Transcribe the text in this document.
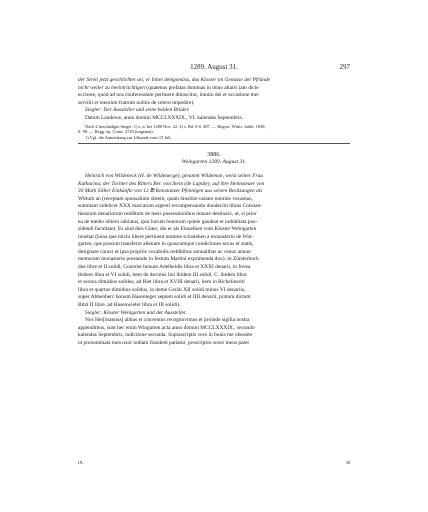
1289. August 31.	297

der Streit jetzt geschlichtet sei; er bittet demgemäss, das Kloster im Genusse der Pfründe

nicht weiter zu beeinträchtigen (quatenus prefatas dominas in dono altaris iam dicte

ecclesie, quod ad nos conferendum pertinere dinoscitur, intuitu dei et occasione mei

servitii et meorum fratrum nolitis de cetero impedire).

Siegler: Der Aussteller und seine beiden Brüder.

Datum Landowe, anno domini MCCLXXXIX., VI. kalendas Septembris.

Nach 2 beschädigte Siegel: 1) s. n. bei 1280 Nov. 22. 2) s. Bd. 8 S. 407. — Regest: Württ. Jahrb. 1838,

S. 98. — Regg. ep. Const. 2729 (ungenau).

1) Vgl. die Anmerkung zur Urkunde vom 15 Juli.

3886.
Weingarten 1289. August 31.

Heinrich von Wildeneck (H. de Wildenecge), genannt Wildeman, weist seiner Frau

Katharina, der Tochter des Ritters Ber. von Stein (de Lapide), auf ihre Heimsteuer von

30 Mark Silber Einkünfte von 12 ℔ Konstanzer Pfennigen aus seinen Besitzungen als

Wittum an (receptam sponsalium dotem, quam hinstüre usitato nomine vocamus,

summam videlicet XXX marcarum argenti recompensando duodecim libras Constan-

tiensium denariorum redditum de meis possessionibus donare destinavi, ut, si prior

ea de medio obiero sublatus, ipsa horum bonorum quiete gaudeat et indubitata pos-

sidendi facultate). Es sind dies Güter, die er als Einzelhen vom Kloster Weingarten

innehat (bona que michi libere pertinent nomine scinslehen a monasterio de Win-

garten, que possum transferre alienare in quascumque condiciones sexus et statis,

designare curavi et ipsa propriis vocabulis redditibus annualibus ac cenus annuo

memorato monasterio prestando in festum Martini exprimenda dux): in Zünderbach

due libre et II solidi, Gozeriet bonum Adelheidis libra et XXXI denarii, in fovea

ibidem libra et VI solidi, item de decimis lini ibidem III solidi, C. ibidem libra

et sextus dimidius solidus, ad Riet libra et XVIII denarii, item in Richelinsriti

libra et quartus dimidius solidus, in deme Geräti XII solidi minus VI denariis,

super Abbenberc bonum Hasenleger septem solidi et IIII denarii, pratum dictum

Bitzi II libre, ad Hasenwieler libra et III solidi).

Siegler: Kloster Weingarten und der Aussteller.

Nos Her[mannus] abbas et conventus recognovimus et proinde sigilla nostra

appendimus, sunt hec enim Wingarten acta anno domini MCCLXXXIX., secundo

kalendas Septembris, indictione secunda. Suprascriptis vero in bonis me obeunte

ut prenominata mea uxor nullam fraudem patiatur, prescriptos socer meus pater

IX.	38
